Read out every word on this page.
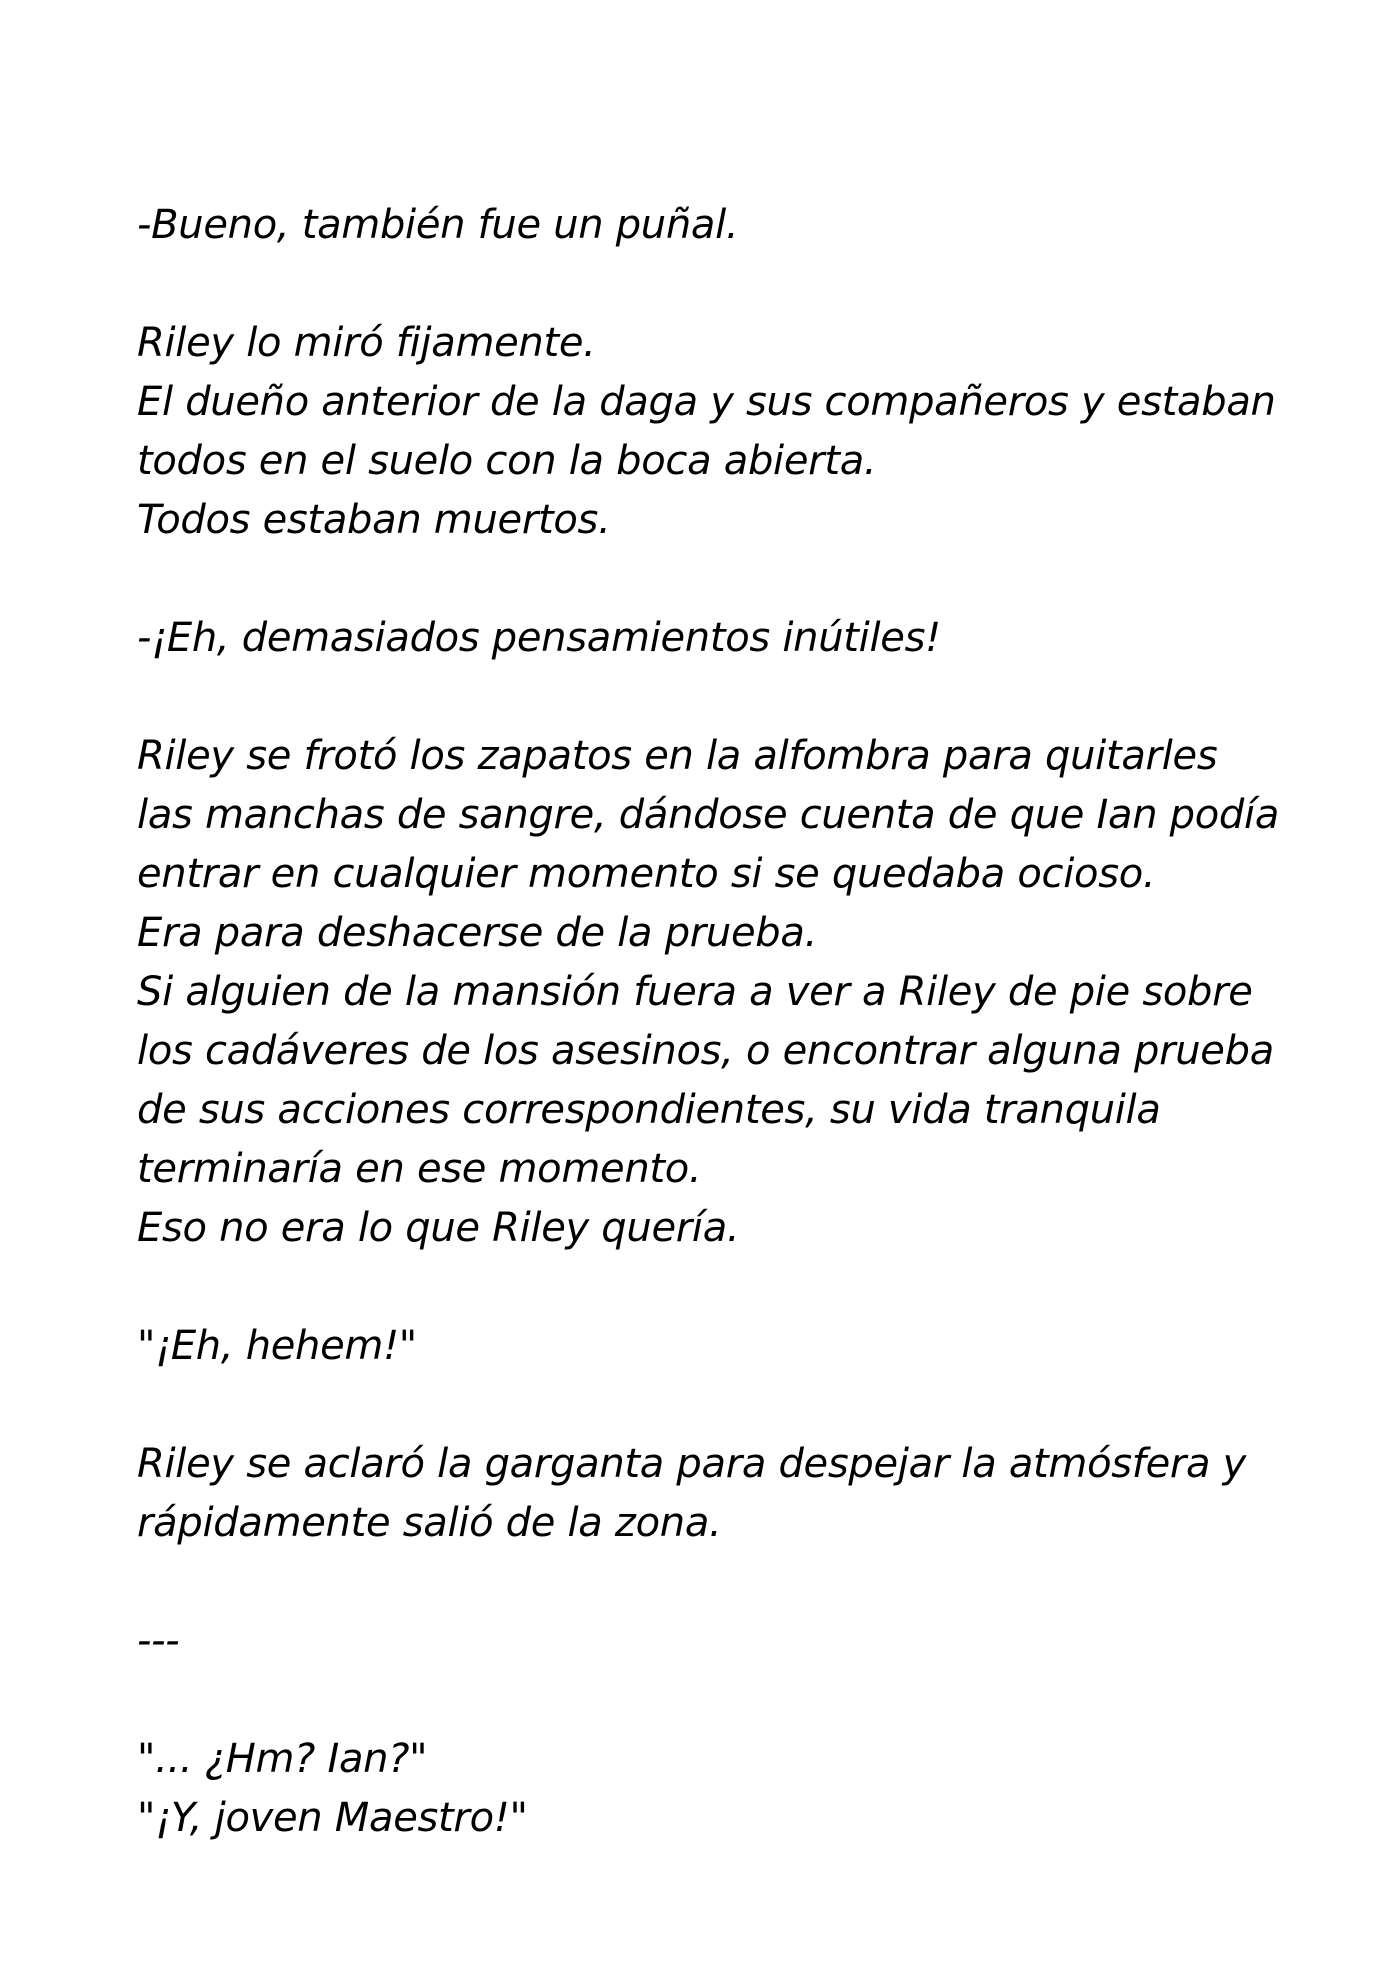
-Bueno, también fue un puñal.
Riley lo miró fijamente.
El dueño anterior de la daga y sus compañeros y estaban
todos en el suelo con la boca abierta.
Todos estaban muertos.
-¡Eh, demasiados pensamientos inútiles!
Riley se frotó los zapatos en la alfombra para quitarles
las manchas de sangre, dándose cuenta de que Ian podía
entrar en cualquier momento si se quedaba ocioso.
Era para deshacerse de la prueba.
Si alguien de la mansión fuera a ver a Riley de pie sobre
los cadáveres de los asesinos, o encontrar alguna prueba
de sus acciones correspondientes, su vida tranquila
terminaría en ese momento.
Eso no era lo que Riley quería.
"¡Eh, hehem!"
Riley se aclaró la garganta para despejar la atmósfera y
rápidamente salió de la zona.
---
"... ¿Hm? Ian?"
"¡Y, joven Maestro!"
